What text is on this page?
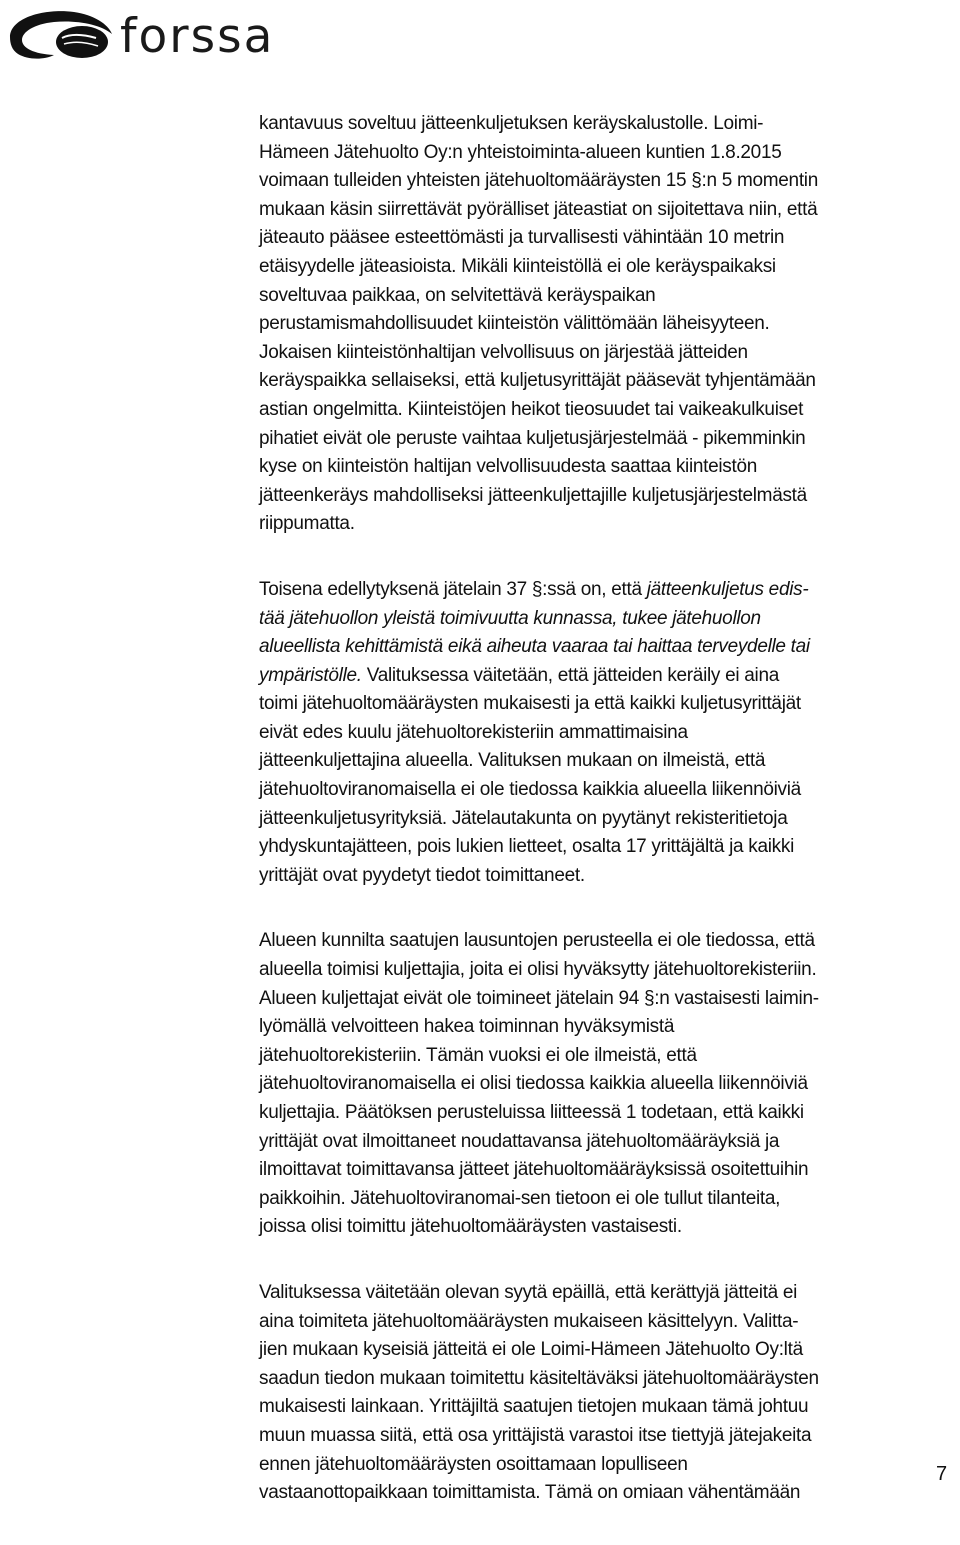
forssa

kantavuus soveltuu jätteenkuljetuksen keräyskalustolle. Loimi-
Hämeen Jätehuolto Oy:n yhteistoiminta-alueen kuntien 1.8.2015
voimaan tulleiden yhteisten jätehuoltomääräysten 15 §:n 5 momentin
mukaan käsin siirrettävät pyörälliset jäteastiat on sijoitettava niin, että
jäteauto pääsee esteettömästi ja turvallisesti vähintään 10 metrin
etäisyydelle jäteasioista. Mikäli kiinteistöllä ei ole keräyspaikaksi
soveltuvaa paikkaa, on selvitettävä keräyspaikan
perustamismahdollisuudet kiinteistön välittömään läheisyyteen.
Jokaisen kiinteistönhaltijan velvollisuus on järjestää jätteiden
keräyspaikka sellaiseksi, että kuljetusyrittäjät pääsevät tyhjentämään
astian ongelmitta. Kiinteistöjen heikot tieosuudet tai vaikeakulkuiset
pihatiet eivät ole peruste vaihtaa kuljetusjärjestelmää - pikemminkin
kyse on kiinteistön haltijan velvollisuudesta saattaa kiinteistön
jätteenkeräys mahdolliseksi jätteenkuljettajille kuljetusjärjestelmästä
riippumatta.

Toisena edellytyksenä jätelain 37 §:ssä on, että jätteenkuljetus edis-
tää jätehuollon yleistä toimivuutta kunnassa, tukee jätehuollon
alueellista kehittämistä eikä aiheuta vaaraa tai haittaa terveydelle tai
ympäristölle. Valituksessa väitetään, että jätteiden keräily ei aina
toimi jätehuoltomääräysten mukaisesti ja että kaikki kuljetusyrittäjät
eivät edes kuulu jätehuoltorekisteriin ammattimaisina
jätteenkuljettajina alueella. Valituksen mukaan on ilmeistä, että
jätehuoltoviranomaisella ei ole tiedossa kaikkia alueella liikennöiviä
jätteenkuljetusyrityksiä. Jätelautakunta on pyytänyt rekisteritietoja
yhdyskuntajätteen, pois lukien lietteet, osalta 17 yrittäjältä ja kaikki
yrittäjät ovat pyydetyt tiedot toimittaneet.

Alueen kunnilta saatujen lausuntojen perusteella ei ole tiedossa, että
alueella toimisi kuljettajia, joita ei olisi hyväksytty jätehuoltorekisteriin.
Alueen kuljettajat eivät ole toimineet jätelain 94 §:n vastaisesti laimin-
lyömällä velvoitteen hakea toiminnan hyväksymistä
jätehuoltorekisteriin. Tämän vuoksi ei ole ilmeistä, että
jätehuoltoviranomaisella ei olisi tiedossa kaikkia alueella liikennöiviä
kuljettajia. Päätöksen perusteluissa liitteessä 1 todetaan, että kaikki
yrittäjät ovat ilmoittaneet noudattavansa jätehuoltomääräyksiä ja
ilmoittavat toimittavansa jätteet jätehuoltomääräyksissä osoitettuihin
paikkoihin. Jätehuoltoviranomai-sen tietoon ei ole tullut tilanteita,
joissa olisi toimittu jätehuoltomääräysten vastaisesti.

Valituksessa väitetään olevan syytä epäillä, että kerättyjä jätteitä ei
aina toimiteta jätehuoltomääräysten mukaiseen käsittelyyn. Valitta-
jien mukaan kyseisiä jätteitä ei ole Loimi-Hämeen Jätehuolto Oy:ltä
saadun tiedon mukaan toimitettu käsiteltäväksi jätehuoltomääräysten
mukaisesti lainkaan. Yrittäjiltä saatujen tietojen mukaan tämä johtuu
muun muassa siitä, että osa yrittäjistä varastoi itse tiettyjä jätejakeita
ennen jätehuoltomääräysten osoittamaan lopulliseen
vastaanottopaikkaan toimittamista. Tämä on omiaan vähentämään

7
